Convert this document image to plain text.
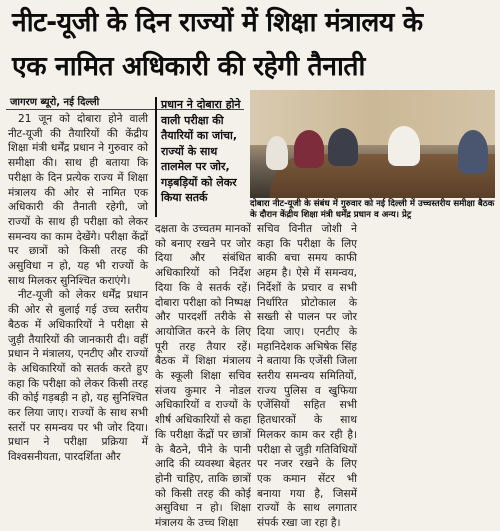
नीट-यूजी के दिन राज्यों में शिक्षा मंत्रालय के
एक नामित अधिकारी की रहेगी तैनाती
जागरण ब्यूरो, नई दिल्ली

21 जून को दोबारा होने वाली नीट-यूजी की तैयारियों की केंद्रीय शिक्षा मंत्री धर्मेंद्र प्रधान ने गुरुवार को समीक्षा की। साथ ही बताया कि परीक्षा के दिन प्रत्येक राज्य में शिक्षा मंत्रालय की ओर से नामित एक अधिकारी की तैनाती रहेगी, जो राज्यों के साथ ही परीक्षा को लेकर समन्वय का काम देखेंगे। परीक्षा केंद्रों पर छात्रों को किसी तरह की असुविधा न हो, यह भी राज्यों के साथ मिलकर सुनिश्चित कराएंगे।

नीट-यूजी को लेकर धर्मेंद्र प्रधान की ओर से बुलाई गई उच्च स्तरीय बैठक में अधिकारियों ने परीक्षा से जुड़ी तैयारियों की जानकारी दी। वहीं प्रधान ने मंत्रालय, एनटीए और राज्यों के अधिकारियों को सतर्क करते हुए कहा कि परीक्षा को लेकर किसी तरह की कोई गड़बड़ी न हो, यह सुनिश्चित कर लिया जाए। राज्यों के साथ सभी स्तरों पर समन्वय पर भी जोर दिया। प्रधान ने परीक्षा प्रक्रिया में विश्वसनीयता, पारदर्शिता और

प्रधान ने दोबारा होने वाली परीक्षा की तैयारियों का जांचा, राज्यों के साथ तालमेल पर जोर, गड़बड़ियों को लेकर किया सतर्क	दोबारा नीट-यूजी के संबंध में गुरुवार को नई दिल्ली में उच्चस्तरीय समीक्षा बैठक के दौरान केंद्रीय शिक्षा मंत्री धर्मेंद्र प्रधान व अन्य। प्रेट्र

दक्षता के उच्चतम मानकों को बनाए रखने पर जोर दिया और संबंधित अधिकारियों को निर्देश दिया कि वे सतर्क रहें। दोबारा परीक्षा को निष्पक्ष और पारदर्शी तरीके से आयोजित करने के लिए पूरी तरह तैयार रहें। बैठक में शिक्षा मंत्रालय के स्कूली शिक्षा सचिव संजय कुमार ने नोडल अधिकारियों व राज्यों के शीर्ष अधिकारियों से कहा कि परीक्षा केंद्रों पर छात्रों के बैठने, पीने के पानी आदि की व्यवस्था बेहतर होनी चाहिए, ताकि छात्रों को किसी तरह की कोई असुविधा न हो। शिक्षा मंत्रालय के उच्च शिक्षा

सचिव विनीत जोशी ने कहा कि परीक्षा के लिए बाकी बचा समय काफी अहम है। ऐसे में समन्वय, निर्देशों के प्रचार व सभी निर्धारित प्रोटोकाल के सख्ती से पालन पर जोर दिया जाए। एनटीए के महानिदेशक अभिषेक सिंह ने बताया कि एजेंसी जिला स्तरीय समन्वय समितियों, राज्य पुलिस व खुफिया एजेंसियों सहित सभी हितधारकों के साथ मिलकर काम कर रही है। परीक्षा से जुड़ी गतिविधियों पर नजर रखने के लिए एक कमान सेंटर भी बनाया गया है, जिसमें राज्यों के साथ लगातार संपर्क रखा जा रहा है।
